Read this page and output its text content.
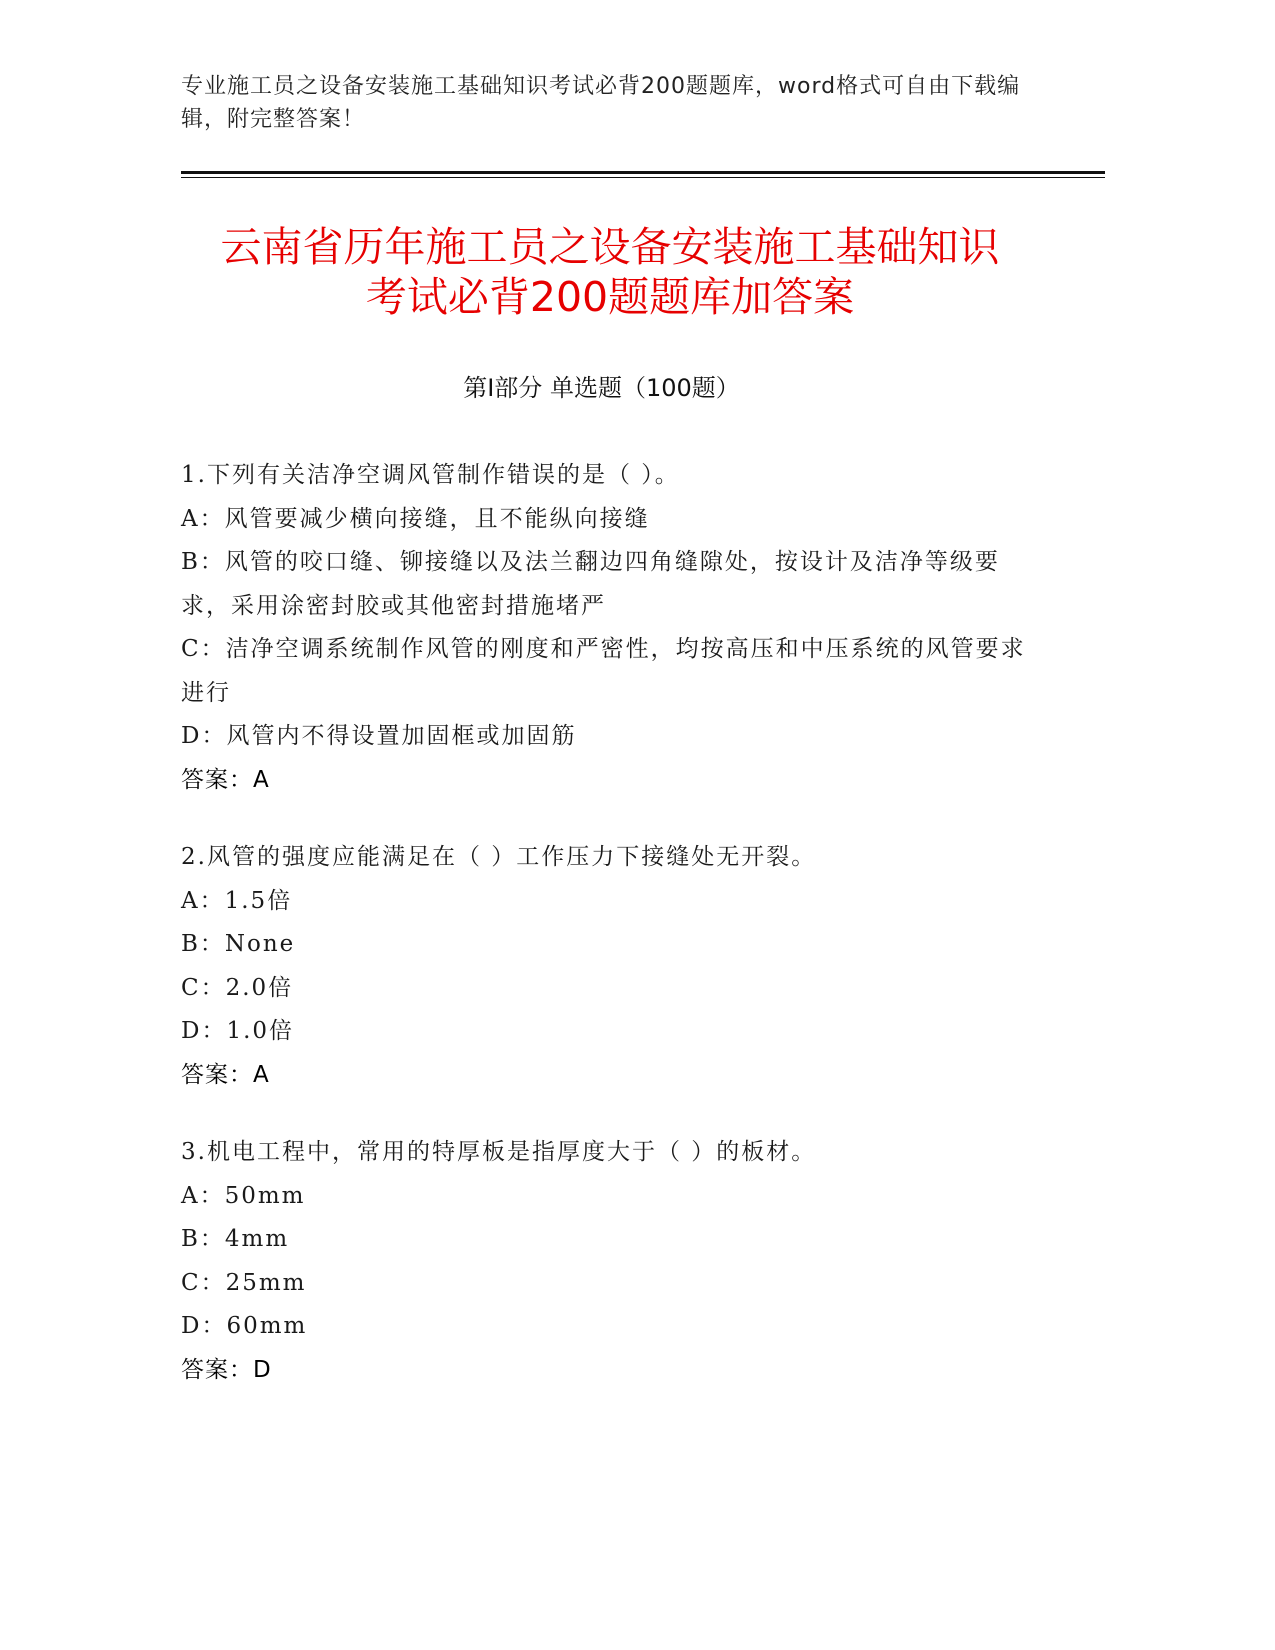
专业施工员之设备安装施工基础知识考试必背200题题库，word格式可自由下载编辑，附完整答案！
云南省历年施工员之设备安装施工基础知识
考试必背200题题库加答案
第Ⅰ部分 单选题（100题）
1.下列有关洁净空调风管制作错误的是（ ）。
A：风管要减少横向接缝，且不能纵向接缝
B：风管的咬口缝、铆接缝以及法兰翻边四角缝隙处，按设计及洁净等级要求，采用涂密封胶或其他密封措施堵严
C：洁净空调系统制作风管的刚度和严密性，均按高压和中压系统的风管要求进行
D：风管内不得设置加固框或加固筋
答案：A
2.风管的强度应能满足在（ ）工作压力下接缝处无开裂。
A：1.5倍
B：None
C：2.0倍
D：1.0倍
答案：A
3.机电工程中，常用的特厚板是指厚度大于（ ）的板材。
A：50mm
B：4mm
C：25mm
D：60mm
答案：D
